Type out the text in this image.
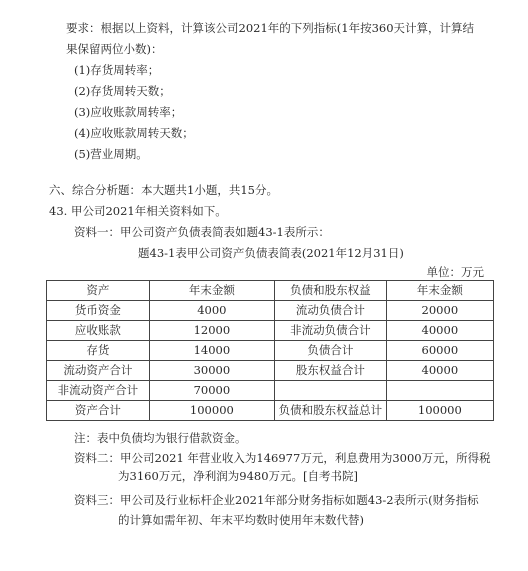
要求：根据以上资料，计算该公司2021年的下列指标(1年按360天计算，计算结
果保留两位小数)：
(1)存货周转率；
(2)存货周转天数；
(3)应收账款周转率；
(4)应收账款周转天数；
(5)营业周期。
六、综合分析题：本大题共1小题，共15分。
43. 甲公司2021年相关资料如下。
资料一：甲公司资产负债表简表如题43-1表所示：
题43-1表甲公司资产负债表简表(2021年12月31日)
单位：万元
资产	年末金额	负债和股东权益	年末金额
货币资金	4000	流动负债合计	20000
应收账款	12000	非流动负债合计	40000
存货	14000	负债合计	60000
流动资产合计	30000	股东权益合计	40000
非流动资产合计	70000		
资产合计	100000	负债和股东权益总计	100000
注：表中负债均为银行借款资金。
资料二：甲公司2021 年营业收入为146977万元，利息费用为3000万元，所得税
为3160万元，净利润为9480万元。[自考书院]
资料三：甲公司及行业标杆企业2021年部分财务指标如题43-2表所示(财务指标
的计算如需年初、年末平均数时使用年末数代替)
